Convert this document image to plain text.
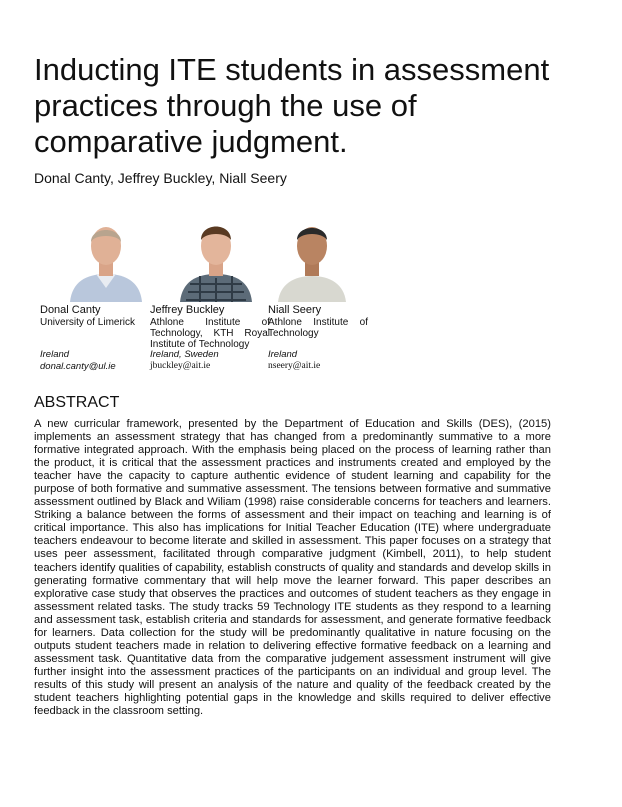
Inducting ITE students in assessment practices through the use of comparative judgment.
Donal Canty, Jeffrey Buckley, Niall Seery
Donal Canty
University of Limerick
Ireland
donal.canty@ul.ie
Jeffrey Buckley
Athlone Institute of Technology, KTH Royal Institute of Technology
Ireland, Sweden
jbuckley@ait.ie
Niall Seery
Athlone Institute of Technology
Ireland
nseery@ait.ie
ABSTRACT

A new curricular framework, presented by the Department of Education and Skills (DES), (2015) implements an assessment strategy that has changed from a predominantly summative to a more formative integrated approach. With the emphasis being placed on the process of learning rather than the product, it is critical that the assessment practices and instruments created and employed by the teacher have the capacity to capture authentic evidence of student learning and capability for the purpose of both formative and summative assessment. The tensions between formative and summative assessment outlined by Black and Wiliam (1998) raise considerable concerns for teachers and learners. Striking a balance between the forms of assessment and their impact on teaching and learning is of critical importance. This also has implications for Initial Teacher Education (ITE) where undergraduate teachers endeavour to become literate and skilled in assessment. This paper focuses on a strategy that uses peer assessment, facilitated through comparative judgment (Kimbell, 2011), to help student teachers identify qualities of capability, establish constructs of quality and standards and develop skills in generating formative commentary that will help move the learner forward. This paper describes an explorative case study that observes the practices and outcomes of student teachers as they engage in assessment related tasks. The study tracks 59 Technology ITE students as they respond to a learning and assessment task, establish criteria and standards for assessment, and generate formative feedback for learners. Data collection for the study will be predominantly qualitative in nature focusing on the outputs student teachers made in relation to delivering effective formative feedback on a learning and assessment task. Quantitative data from the comparative judgement assessment instrument will give further insight into the assessment practices of the participants on an individual and group level. The results of this study will present an analysis of the nature and quality of the feedback created by the student teachers highlighting potential gaps in the knowledge and skills required to deliver effective feedback in the classroom setting.
